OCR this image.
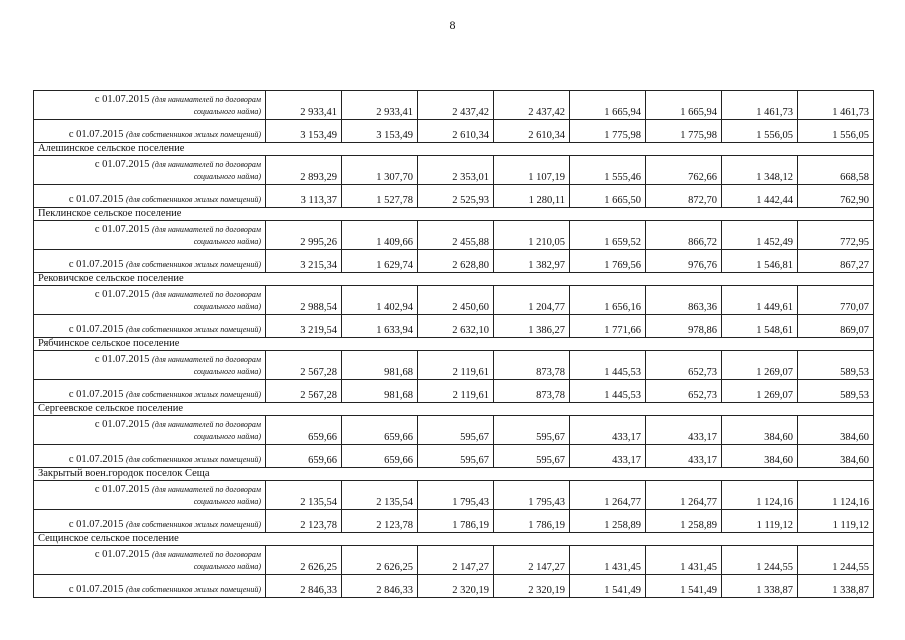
8
с 01.07.2015 (для нанимателей по договорам
социального найма)	2 933,41	2 933,41	2 437,42	2 437,42	1 665,94	1 665,94	1 461,73	1 461,73
с 01.07.2015 (для собственников жилых помещений)	3 153,49	3 153,49	2 610,34	2 610,34	1 775,98	1 775,98	1 556,05	1 556,05
Алешинское сельское поселение								
с 01.07.2015 (для нанимателей по договорам
социального найма)	2 893,29	1 307,70	2 353,01	1 107,19	1 555,46	762,66	1 348,12	668,58
с 01.07.2015 (для собственников жилых помещений)	3 113,37	1 527,78	2 525,93	1 280,11	1 665,50	872,70	1 442,44	762,90
Пеклинское сельское поселение								
с 01.07.2015 (для нанимателей по договорам
социального найма)	2 995,26	1 409,66	2 455,88	1 210,05	1 659,52	866,72	1 452,49	772,95
с 01.07.2015 (для собственников жилых помещений)	3 215,34	1 629,74	2 628,80	1 382,97	1 769,56	976,76	1 546,81	867,27
Рековичское сельское поселение								
с 01.07.2015 (для нанимателей по договорам
социального найма)	2 988,54	1 402,94	2 450,60	1 204,77	1 656,16	863,36	1 449,61	770,07
с 01.07.2015 (для собственников жилых помещений)	3 219,54	1 633,94	2 632,10	1 386,27	1 771,66	978,86	1 548,61	869,07
Рябчинское сельское поселение								
с 01.07.2015 (для нанимателей по договорам
социального найма)	2 567,28	981,68	2 119,61	873,78	1 445,53	652,73	1 269,07	589,53
с 01.07.2015 (для собственников жилых помещений)	2 567,28	981,68	2 119,61	873,78	1 445,53	652,73	1 269,07	589,53
Сергеевское сельское поселение								
с 01.07.2015 (для нанимателей по договорам
социального найма)	659,66	659,66	595,67	595,67	433,17	433,17	384,60	384,60
с 01.07.2015 (для собственников жилых помещений)	659,66	659,66	595,67	595,67	433,17	433,17	384,60	384,60
Закрытый воен.городок поселок Сеща								
с 01.07.2015 (для нанимателей по договорам
социального найма)	2 135,54	2 135,54	1 795,43	1 795,43	1 264,77	1 264,77	1 124,16	1 124,16
с 01.07.2015 (для собственников жилых помещений)	2 123,78	2 123,78	1 786,19	1 786,19	1 258,89	1 258,89	1 119,12	1 119,12
Сещинское сельское поселение								
с 01.07.2015 (для нанимателей по договорам
социального найма)	2 626,25	2 626,25	2 147,27	2 147,27	1 431,45	1 431,45	1 244,55	1 244,55
с 01.07.2015 (для собственников жилых помещений)	2 846,33	2 846,33	2 320,19	2 320,19	1 541,49	1 541,49	1 338,87	1 338,87
